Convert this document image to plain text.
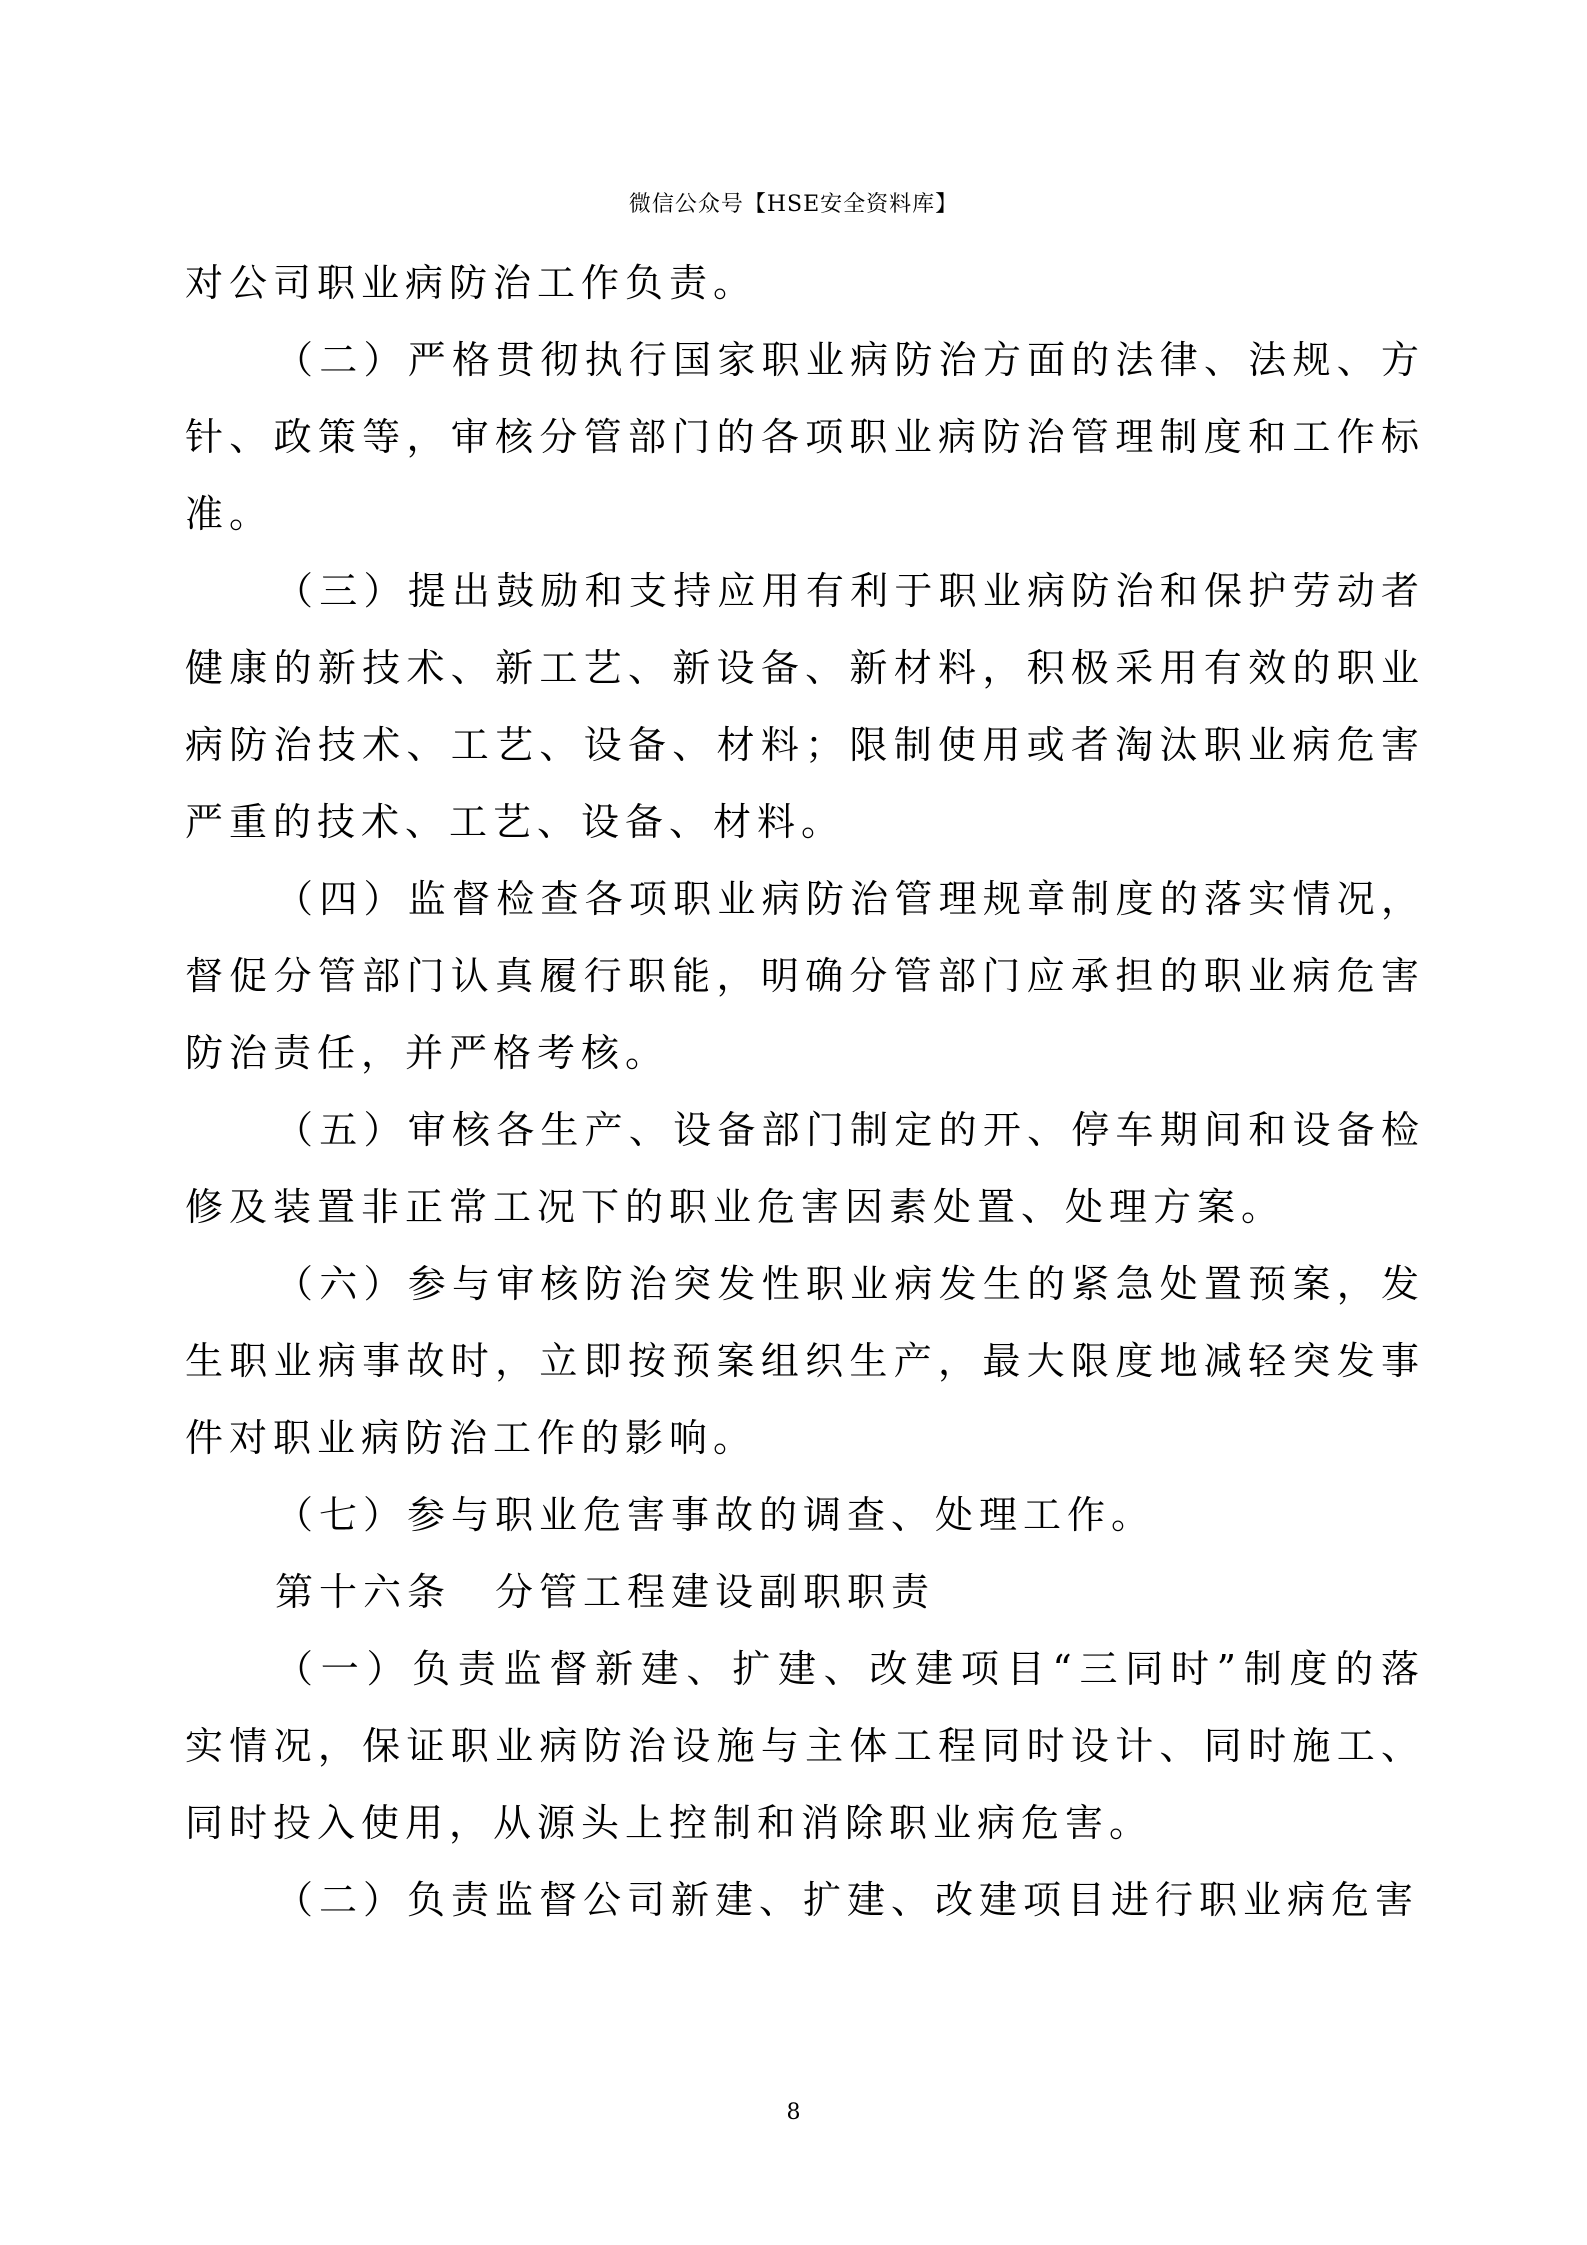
微信公众号【HSE安全资料库】

对公司职业病防治工作负责。

（二）严格贯彻执行国家职业病防治方面的法律、法规、方针、政策等，审核分管部门的各项职业病防治管理制度和工作标准。

（三）提出鼓励和支持应用有利于职业病防治和保护劳动者健康的新技术、新工艺、新设备、新材料，积极采用有效的职业病防治技术、工艺、设备、材料；限制使用或者淘汰职业病危害严重的技术、工艺、设备、材料。

（四）监督检查各项职业病防治管理规章制度的落实情况，督促分管部门认真履行职能，明确分管部门应承担的职业病危害防治责任，并严格考核。

（五）审核各生产、设备部门制定的开、停车期间和设备检修及装置非正常工况下的职业危害因素处置、处理方案。

（六）参与审核防治突发性职业病发生的紧急处置预案，发生职业病事故时，立即按预案组织生产，最大限度地减轻突发事件对职业病防治工作的影响。

（七）参与职业危害事故的调查、处理工作。

第十六条　分管工程建设副职职责

（一）负责监督新建、扩建、改建项目“三同时”制度的落实情况，保证职业病防治设施与主体工程同时设计、同时施工、同时投入使用，从源头上控制和消除职业病危害。

（二）负责监督公司新建、扩建、改建项目进行职业病危害

8
